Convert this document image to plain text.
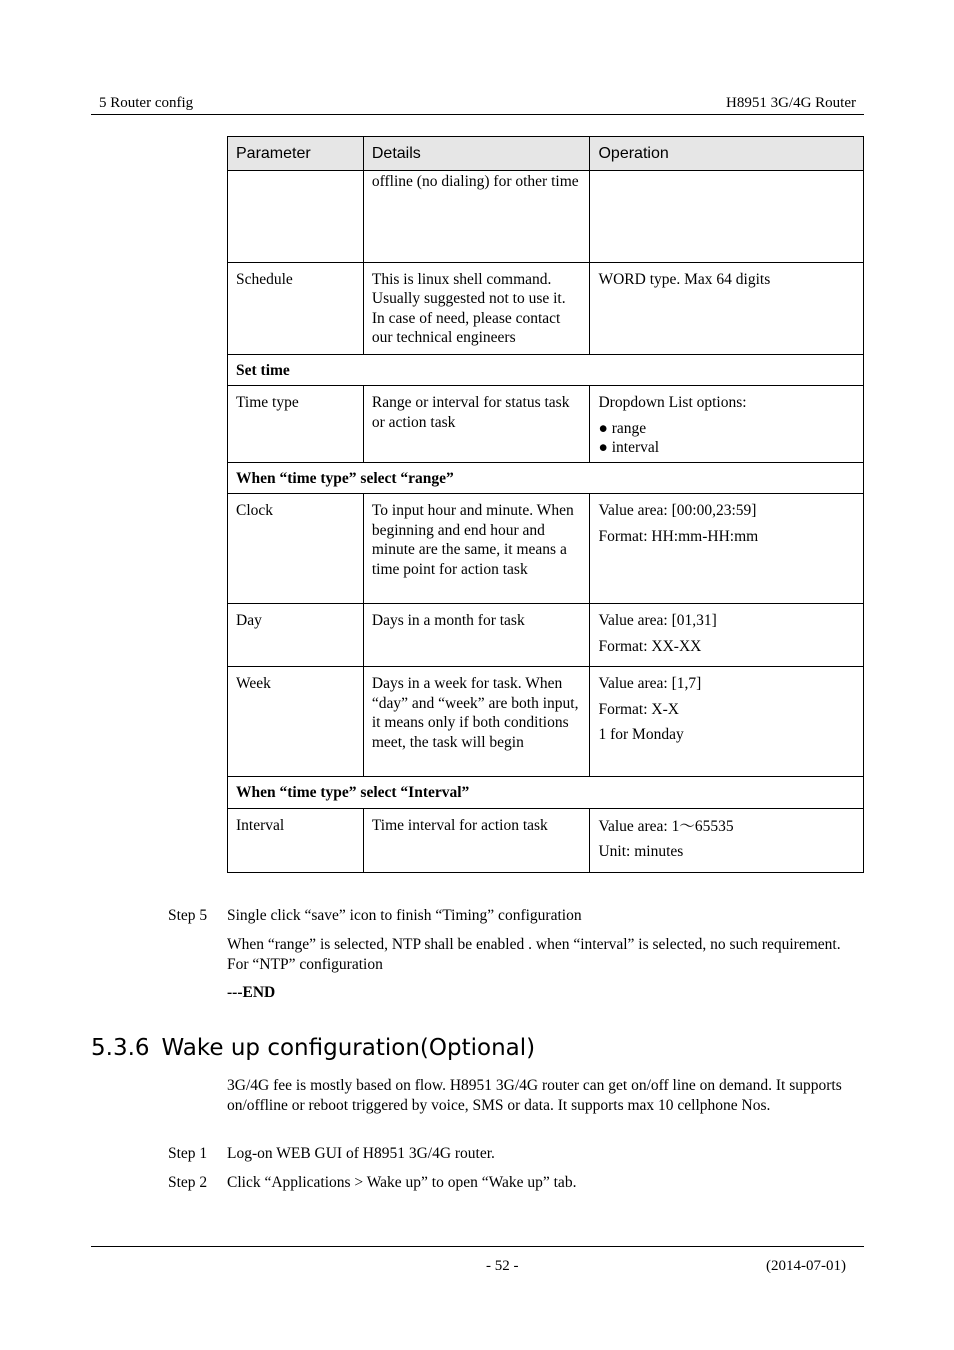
5 Router config	H8951 3G/4G Router
Parameter	Details	Operation
	offline (no dialing) for other time	
Schedule	This is linux shell command. Usually suggested not to use it. In case of need, please contact our technical engineers	WORD type. Max 64 digits
Set time		
Time type	Range or interval for status task or action task	Dropdown List options:
● range
● interval

When “time type” select “range”		
Clock	To input hour and minute. When beginning and end hour and minute are the same, it means a time point for action task	Value area: [00:00,23:59]
Format: HH:mm-HH:mm

Day	Days in a month for task	Value area: [01,31]
Format: XX-XX

Week	Days in a week for task. When “day” and “week” are both input, it means only if both conditions meet, the task will begin	Value area: [1,7]
Format: X-X
1 for Monday

When “time type” select “Interval”		
Interval	Time interval for action task	Value area: 1～65535
Unit: minutes
Step 5 Single click “save” icon to finish “Timing” configuration
When “range” is selected, NTP shall be enabled . when “interval” is selected, no such requirement. For “NTP” configuration
---END
5.3.6 Wake up configuration(Optional)
3G/4G fee is mostly based on flow. H8951 3G/4G router can get on/off line on demand. It supports on/offline or reboot triggered by voice, SMS or data. It supports max 10 cellphone Nos.
Step 1 Log-on WEB GUI of H8951 3G/4G router.
Step 2 Click “Applications > Wake up” to open “Wake up” tab.
- 52 -	(2014-07-01)
